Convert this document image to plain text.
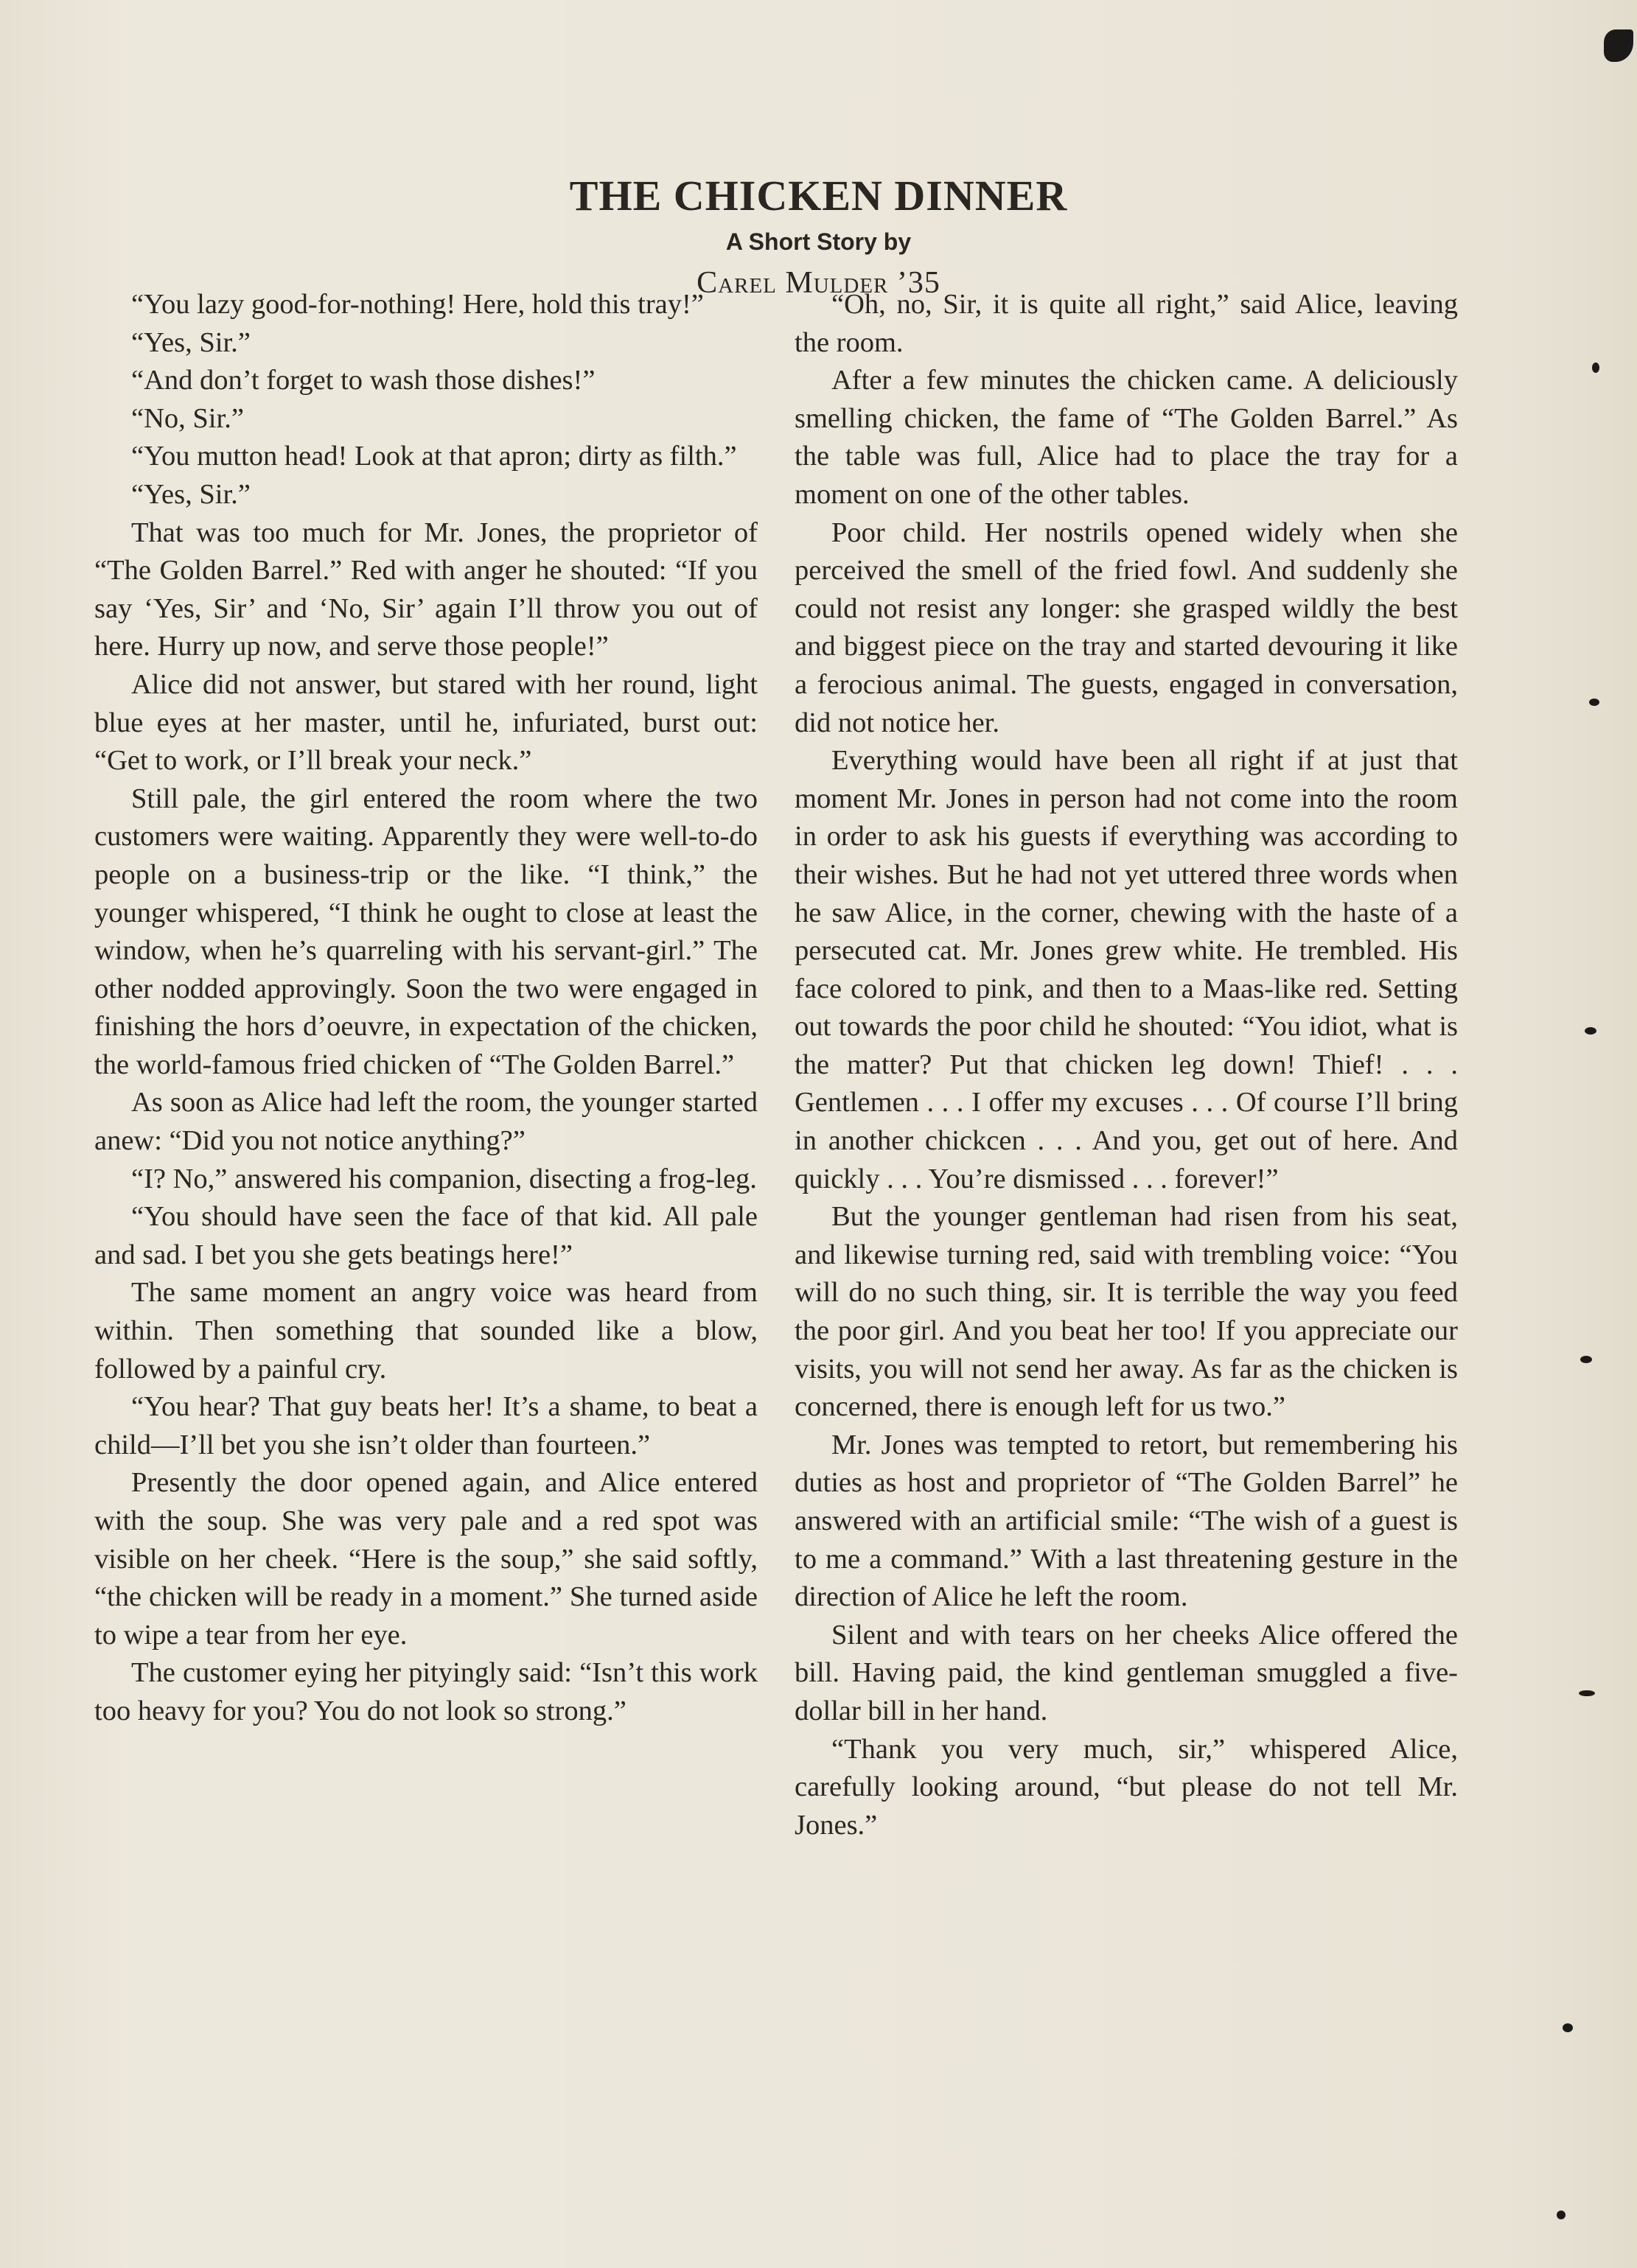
THE CHICKEN DINNER
A Short Story by
Carel Mulder ’35

“You lazy good-for-nothing! Here, hold this tray!”

“Yes, Sir.”

“And don’t forget to wash those dishes!”

“No, Sir.”

“You mutton head! Look at that apron; dirty as filth.”

“Yes, Sir.”

That was too much for Mr. Jones, the proprietor of “The Golden Barrel.” Red with anger he shouted: “If you say ‘Yes, Sir’ and ‘No, Sir’ again I’ll throw you out of here. Hurry up now, and serve those people!”

Alice did not answer, but stared with her round, light blue eyes at her master, until he, infuriated, burst out: “Get to work, or I’ll break your neck.”

Still pale, the girl entered the room where the two customers were waiting. Apparently they were well-to-do people on a business-trip or the like. “I think,” the younger whispered, “I think he ought to close at least the window, when he’s quarreling with his servant-girl.” The other nodded approvingly. Soon the two were engaged in finishing the hors d’oeuvre, in expectation of the chicken, the world-famous fried chicken of “The Golden Barrel.”

As soon as Alice had left the room, the younger started anew: “Did you not notice anything?”

“I? No,” answered his companion, disecting a frog-leg.

“You should have seen the face of that kid. All pale and sad. I bet you she gets beatings here!”

The same moment an angry voice was heard from within. Then something that sounded like a blow, followed by a painful cry.

“You hear? That guy beats her! It’s a shame, to beat a child—I’ll bet you she isn’t older than fourteen.”

Presently the door opened again, and Alice entered with the soup. She was very pale and a red spot was visible on her cheek. “Here is the soup,” she said softly, “the chicken will be ready in a moment.” She turned aside to wipe a tear from her eye.

The customer eying her pityingly said: “Isn’t this work too heavy for you? You do not look so strong.”

“Oh, no, Sir, it is quite all right,” said Alice, leaving the room.

After a few minutes the chicken came. A deliciously smelling chicken, the fame of “The Golden Barrel.” As the table was full, Alice had to place the tray for a moment on one of the other tables.

Poor child. Her nostrils opened widely when she perceived the smell of the fried fowl. And suddenly she could not resist any longer: she grasped wildly the best and biggest piece on the tray and started devouring it like a ferocious animal. The guests, engaged in conversation, did not notice her.

Everything would have been all right if at just that moment Mr. Jones in person had not come into the room in order to ask his guests if everything was according to their wishes. But he had not yet uttered three words when he saw Alice, in the corner, chewing with the haste of a persecuted cat. Mr. Jones grew white. He trembled. His face colored to pink, and then to a Maas-like red. Setting out towards the poor child he shouted: “You idiot, what is the matter? Put that chicken leg down! Thief! . . . Gentlemen . . . I offer my excuses . . . Of course I’ll bring in another chickcen . . . And you, get out of here. And quickly . . . You’re dismissed . . . forever!”

But the younger gentleman had risen from his seat, and likewise turning red, said with trembling voice: “You will do no such thing, sir. It is terrible the way you feed the poor girl. And you beat her too! If you appreciate our visits, you will not send her away. As far as the chicken is concerned, there is enough left for us two.”

Mr. Jones was tempted to retort, but remembering his duties as host and proprietor of “The Golden Barrel” he answered with an artificial smile: “The wish of a guest is to me a command.” With a last threatening gesture in the direction of Alice he left the room.

Silent and with tears on her cheeks Alice offered the bill. Having paid, the kind gentleman smuggled a five-dollar bill in her hand.

“Thank you very much, sir,” whispered Alice, carefully looking around, “but please do not tell Mr. Jones.”
